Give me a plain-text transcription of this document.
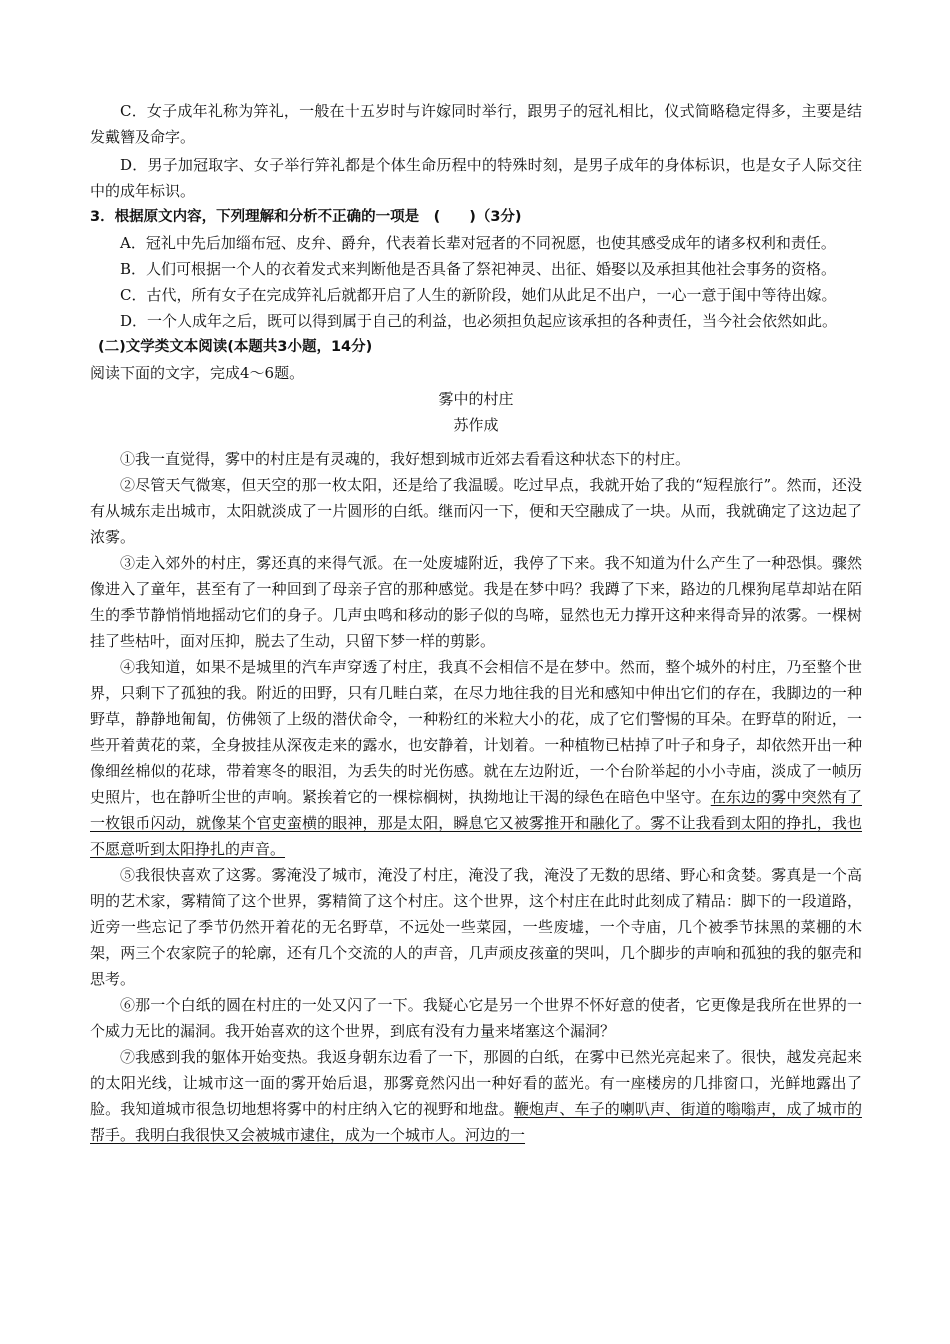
C．女子成年礼称为笄礼，一般在十五岁时与许嫁同时举行，跟男子的冠礼相比，仪式简略稳定得多，主要是结发戴簪及命字。

D．男子加冠取字、女子举行笄礼都是个体生命历程中的特殊时刻，是男子成年的身体标识，也是女子人际交往中的成年标识。

3．根据原文内容，下列理解和分析不正确的一项是　(　　)（3分)

A．冠礼中先后加缁布冠、皮弁、爵弁，代表着长辈对冠者的不同祝愿，也使其感受成年的诸多权利和责任。

B．人们可根据一个人的衣着发式来判断他是否具备了祭祀神灵、出征、婚娶以及承担其他社会事务的资格。

C．古代，所有女子在完成笄礼后就都开启了人生的新阶段，她们从此足不出户，一心一意于闺中等待出嫁。

D．一个人成年之后，既可以得到属于自己的利益，也必须担负起应该承担的各种责任，当今社会依然如此。

(二)文学类文本阅读(本题共3小题，14分)

阅读下面的文字，完成4～6题。

雾中的村庄

苏作成

①我一直觉得，雾中的村庄是有灵魂的，我好想到城市近郊去看看这种状态下的村庄。

②尽管天气微寒，但天空的那一枚太阳，还是给了我温暖。吃过早点，我就开始了我的“短程旅行”。然而，还没有从城东走出城市，太阳就淡成了一片圆形的白纸。继而闪一下，便和天空融成了一块。从而，我就确定了这边起了浓雾。

③走入郊外的村庄，雾还真的来得气派。在一处废墟附近，我停了下来。我不知道为什么产生了一种恐惧。骤然像进入了童年，甚至有了一种回到了母亲子宫的那种感觉。我是在梦中吗？我蹲了下来，路边的几棵狗尾草却站在陌生的季节静悄悄地摇动它们的身子。几声虫鸣和移动的影子似的鸟啼，显然也无力撑开这种来得奇异的浓雾。一棵树挂了些枯叶，面对压抑，脱去了生动，只留下梦一样的剪影。

④我知道，如果不是城里的汽车声穿透了村庄，我真不会相信不是在梦中。然而，整个城外的村庄，乃至整个世界，只剩下了孤独的我。附近的田野，只有几畦白菜，在尽力地往我的目光和感知中伸出它们的存在，我脚边的一种野草，静静地匍匐，仿佛领了上级的潜伏命令，一种粉红的米粒大小的花，成了它们警惕的耳朵。在野草的附近，一些开着黄花的菜，全身披挂从深夜走来的露水，也安静着，计划着。一种植物已枯掉了叶子和身子，却依然开出一种像细丝棉似的花球，带着寒冬的眼泪，为丢失的时光伤感。就在左边附近，一个台阶举起的小小寺庙，淡成了一帧历史照片，也在静听尘世的声响。紧挨着它的一棵棕榈树，执拗地让干渴的绿色在暗色中坚守。在东边的雾中突然有了一枚银币闪动，就像某个官吏蛮横的眼神，那是太阳，瞬息它又被雾推开和融化了。雾不让我看到太阳的挣扎，我也不愿意听到太阳挣扎的声音。

⑤我很快喜欢了这雾。雾淹没了城市，淹没了村庄，淹没了我，淹没了无数的思绪、野心和贪婪。雾真是一个高明的艺术家，雾精简了这个世界，雾精简了这个村庄。这个世界，这个村庄在此时此刻成了精品：脚下的一段道路，近旁一些忘记了季节仍然开着花的无名野草，不远处一些菜园，一些废墟，一个寺庙，几个被季节抹黑的菜棚的木架，两三个农家院子的轮廓，还有几个交流的人的声音，几声顽皮孩童的哭叫，几个脚步的声响和孤独的我的躯壳和思考。

⑥那一个白纸的圆在村庄的一处又闪了一下。我疑心它是另一个世界不怀好意的使者，它更像是我所在世界的一个威力无比的漏洞。我开始喜欢的这个世界，到底有没有力量来堵塞这个漏洞？

⑦我感到我的躯体开始变热。我返身朝东边看了一下，那圆的白纸，在雾中已然光亮起来了。很快，越发亮起来的太阳光线，让城市这一面的雾开始后退，那雾竟然闪出一种好看的蓝光。有一座楼房的几排窗口，光鲜地露出了脸。我知道城市很急切地想将雾中的村庄纳入它的视野和地盘。鞭炮声、车子的喇叭声、街道的嗡嗡声，成了城市的帮手。我明白我很快又会被城市逮住，成为一个城市人。河边的一
